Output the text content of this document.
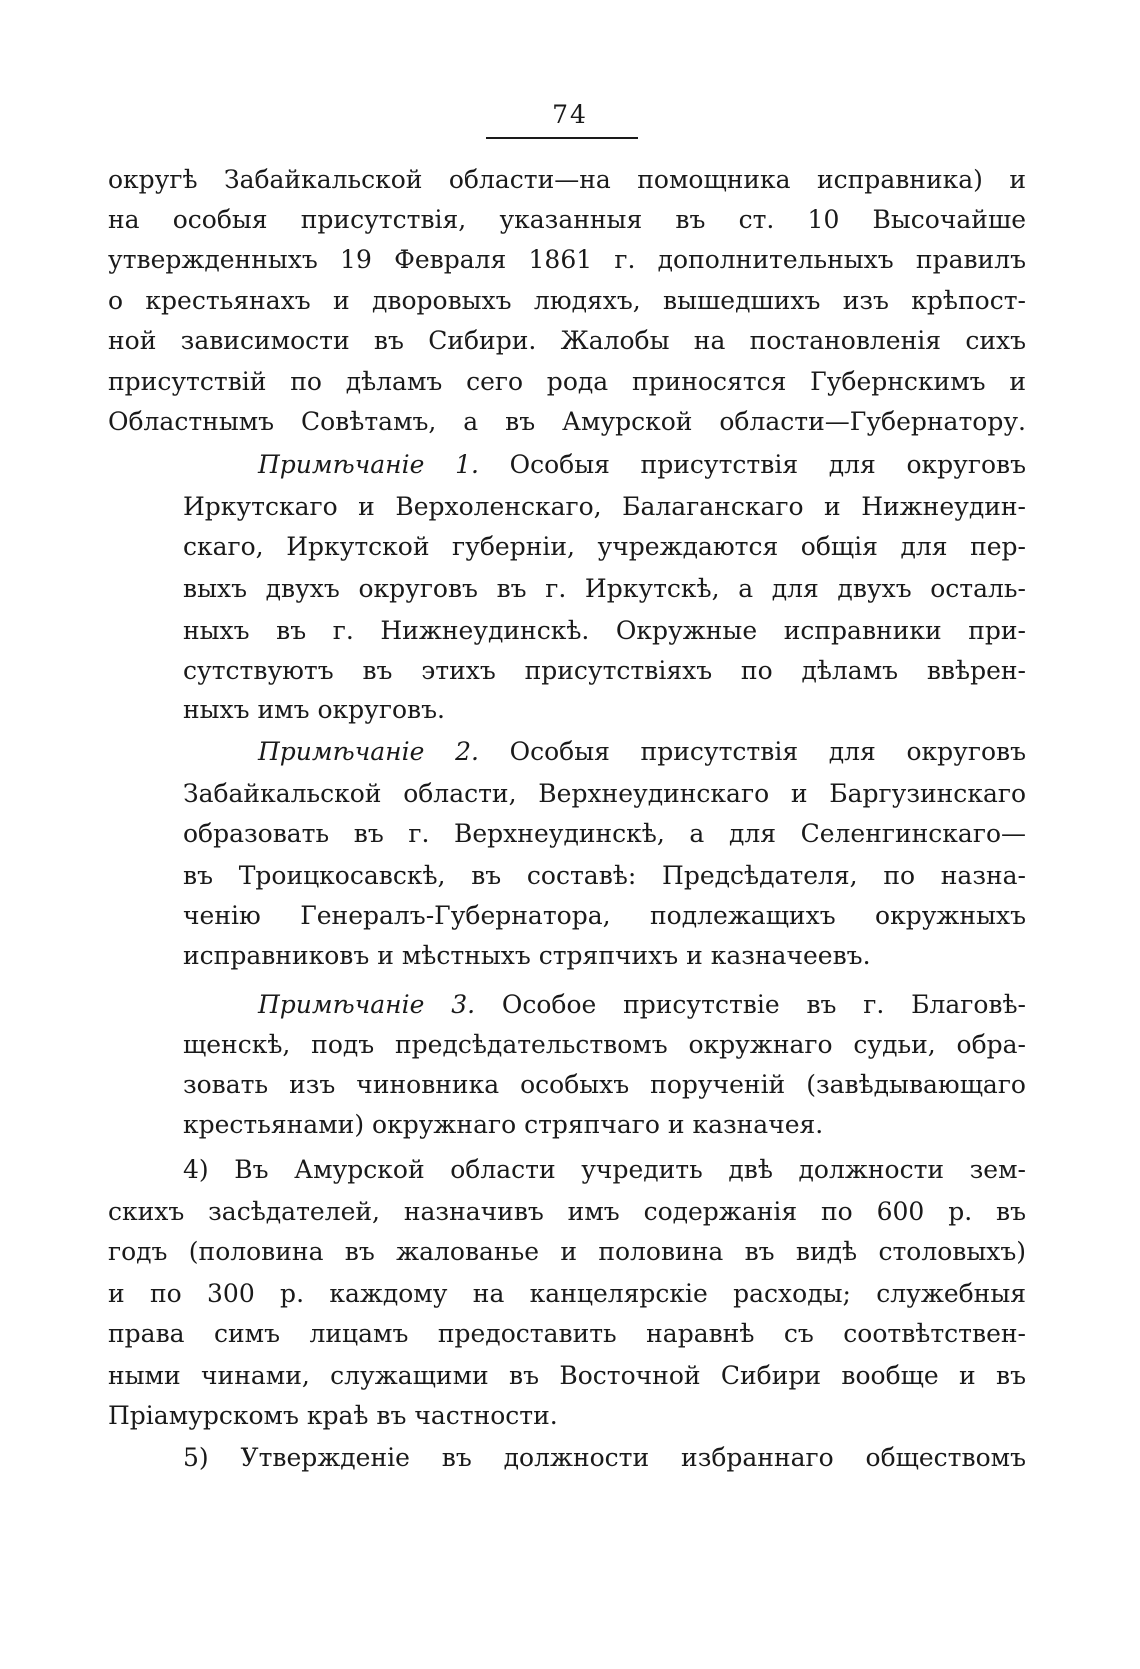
74
округѣ Забайкальской области—на помощника исправника) и
на особыя присутствія, указанныя въ ст. 10 Высочайше
утвержденныхъ 19 Февраля 1861 г. дополнительныхъ правилъ
о крестьянахъ и дворовыхъ людяхъ, вышедшихъ изъ крѣпост-
ной зависимости въ Сибири. Жалобы на постановленія сихъ
присутствій по дѣламъ сего рода приносятся Губернскимъ и
Областнымъ Совѣтамъ, а въ Амурской области—Губернатору.
Примѣчаніе 1. Особыя присутствія для округовъ
Иркутскаго и Верхоленскаго, Балаганскаго и Нижнеудин-
скаго, Иркутской губерніи, учреждаются общія для пер-
выхъ двухъ округовъ въ г. Иркутскѣ, а для двухъ осталь-
ныхъ въ г. Нижнеудинскѣ. Окружные исправники при-
сутствуютъ въ этихъ присутствіяхъ по дѣламъ ввѣрен-
ныхъ имъ округовъ.
Примѣчаніе 2. Особыя присутствія для округовъ
Забайкальской области, Верхнеудинскаго и Баргузинскаго
образовать въ г. Верхнеудинскѣ, а для Селенгинскаго—
въ Троицкосавскѣ, въ составѣ: Предсѣдателя, по назна-
ченію Генералъ-Губернатора, подлежащихъ окружныхъ
исправниковъ и мѣстныхъ стряпчихъ и казначеевъ.
Примѣчаніе 3. Особое присутствіе въ г. Благовѣ-
щенскѣ, подъ предсѣдательствомъ окружнаго судьи, обра-
зовать изъ чиновника особыхъ порученій (завѣдывающаго
крестьянами) окружнаго стряпчаго и казначея.
4) Въ Амурской области учредить двѣ должности зем-
скихъ засѣдателей, назначивъ имъ содержанія по 600 р. въ
годъ (половина въ жалованье и половина въ видѣ столовыхъ)
и по 300 р. каждому на канцелярскіе расходы; служебныя
права симъ лицамъ предоставить наравнѣ съ соотвѣтствен-
ными чинами, служащими въ Восточной Сибири вообще и въ
Пріамурскомъ краѣ въ частности.
5) Утвержденіе въ должности избраннаго обществомъ
